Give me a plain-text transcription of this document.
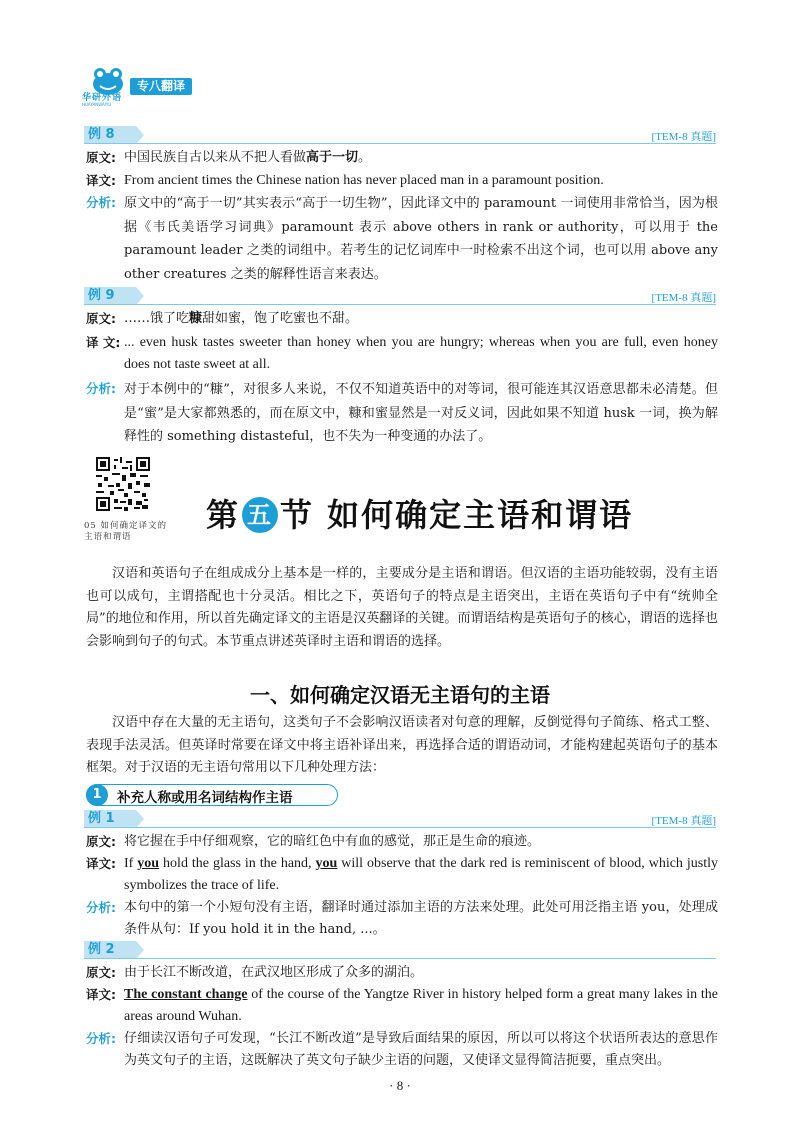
华研外语
HUAYANWAIYU
专八翻译
例 8	[TEM-8 真题]
原文: 中国民族自古以来从不把人看做高于一切。
译文: From ancient times the Chinese nation has never placed man in a paramount position.
分析: 原文中的“高于一切”其实表示“高于一切生物”，因此译文中的 paramount 一词使用非常恰当，因为根据《韦氏美语学习词典》paramount 表示 above others in rank or authority，可以用于 the paramount leader 之类的词组中。若考生的记忆词库中一时检索不出这个词，也可以用 above any other creatures 之类的解释性语言来表达。
例 9	[TEM-8 真题]
原文: ……饿了吃糠甜如蜜，饱了吃蜜也不甜。
译 文: ... even husk tastes sweeter than honey when you are hungry; whereas when you are full, even honey does not taste sweet at all.
分析: 对于本例中的“糠”，对很多人来说，不仅不知道英语中的对等词，很可能连其汉语意思都未必清楚。但是“蜜”是大家都熟悉的，而在原文中，糠和蜜显然是一对反义词，因此如果不知道 husk 一词，换为解释性的 something distasteful，也不失为一种变通的办法了。
05 如何确定译文的主语和谓语
第 五 节 如何确定主语和谓语
汉语和英语句子在组成成分上基本是一样的，主要成分是主语和谓语。但汉语的主语功能较弱，没有主语也可以成句，主谓搭配也十分灵活。相比之下，英语句子的特点是主语突出，主语在英语句子中有“统帅全局”的地位和作用，所以首先确定译文的主语是汉英翻译的关键。而谓语结构是英语句子的核心，谓语的选择也会影响到句子的句式。本节重点讲述英译时主语和谓语的选择。
一、如何确定汉语无主语句的主语
汉语中存在大量的无主语句，这类句子不会影响汉语读者对句意的理解，反倒觉得句子简练、格式工整、表现手法灵活。但英译时常要在译文中将主语补译出来，再选择合适的谓语动词，才能构建起英语句子的基本框架。对于汉语的无主语句常用以下几种处理方法：
1	补充人称或用名词结构作主语
例 1	[TEM-8 真题]
原文: 将它握在手中仔细观察，它的暗红色中有血的感觉，那正是生命的痕迹。
译文: If you hold the glass in the hand, you will observe that the dark red is reminiscent of blood, which justly symbolizes the trace of life.
分析: 本句中的第一个小短句没有主语，翻译时通过添加主语的方法来处理。此处可用泛指主语 you，处理成条件从句：If you hold it in the hand, ...。
例 2
原文: 由于长江不断改道，在武汉地区形成了众多的湖泊。
译文: The constant change of the course of the Yangtze River in history helped form a great many lakes in the areas around Wuhan.
分析: 仔细读汉语句子可发现，“长江不断改道”是导致后面结果的原因，所以可以将这个状语所表达的意思作为英文句子的主语，这既解决了英文句子缺少主语的问题，又使译文显得简洁扼要，重点突出。
· 8 ·
